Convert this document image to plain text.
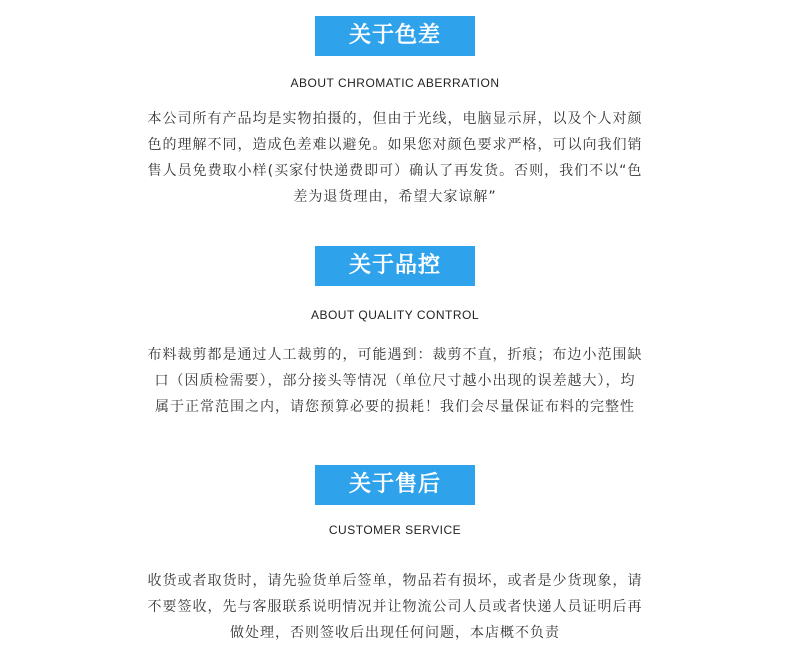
关于色差
ABOUT CHROMATIC ABERRATION
本公司所有产品均是实物拍摄的，但由于光线，电脑显示屏，以及个人对颜
色的理解不同，造成色差难以避免。如果您对颜色要求严格，可以向我们销
售人员免费取小样(买家付快递费即可）确认了再发货。否则，我们不以“色
差为退货理由，希望大家谅解”
关于品控
ABOUT QUALITY CONTROL
布料裁剪都是通过人工裁剪的，可能遇到：裁剪不直，折痕；布边小范围缺
口（因质检需要），部分接头等情况（单位尺寸越小出现的误差越大），均
属于正常范围之内，请您预算必要的损耗！我们会尽量保证布料的完整性
关于售后
CUSTOMER SERVICE
收货或者取货时，请先验货单后签单，物品若有损坏，或者是少货现象，请
不要签收，先与客服联系说明情况并让物流公司人员或者快递人员证明后再
做处理，否则签收后出现任何问题，本店概不负责
